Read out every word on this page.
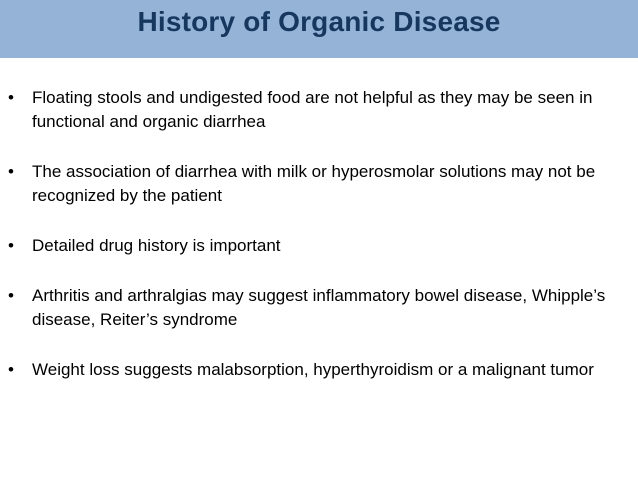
History of Organic Disease
• Floating stools and undigested food are not helpful as they may be seen in functional and organic diarrhea
• The association of diarrhea with milk or hyperosmolar solutions may not be recognized by the patient
• Detailed drug history is important
• Arthritis and arthralgias may suggest inflammatory bowel disease, Whipple’s disease, Reiter’s syndrome
• Weight loss suggests malabsorption, hyperthyroidism or a malignant tumor
